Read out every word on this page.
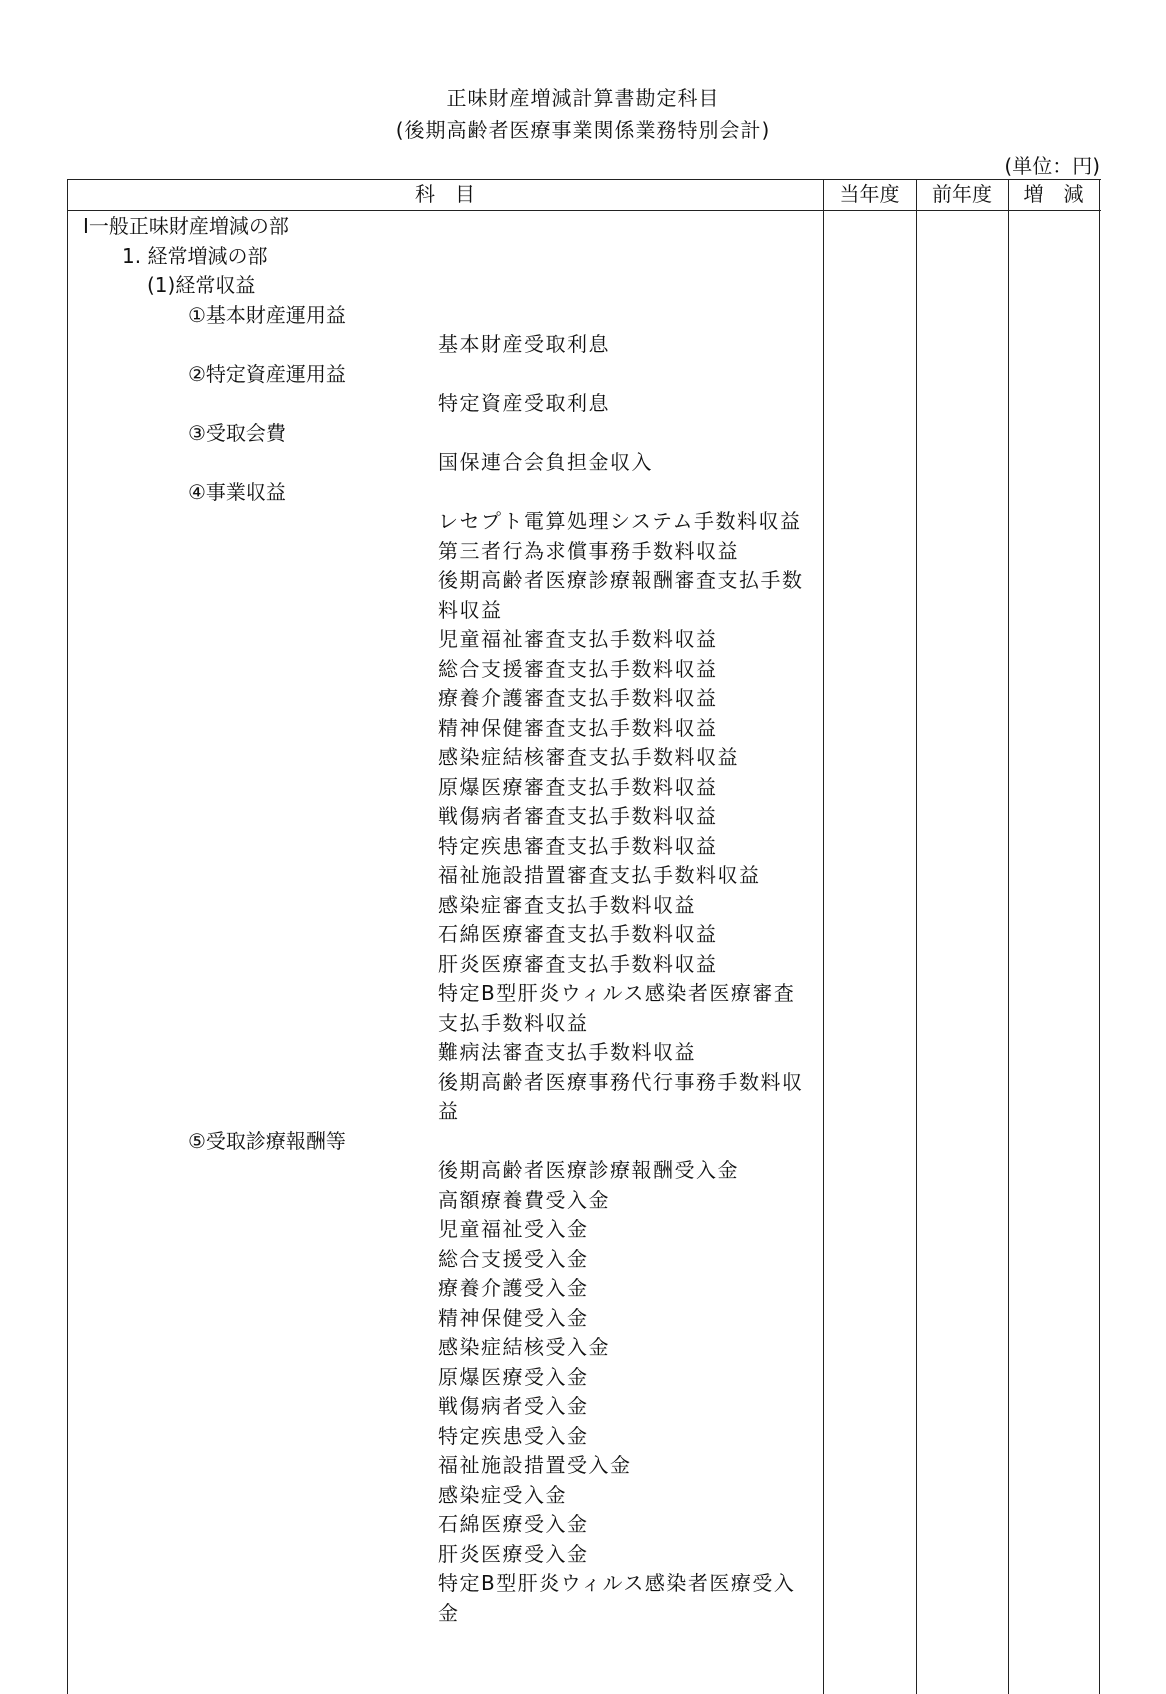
正味財産増減計算書勘定科目
(後期高齢者医療事業関係業務特別会計)
(単位：円)
科　目	当年度	前年度	増　減
Ⅰ一般正味財産増減の部
1. 経常増減の部
(1)経常収益
①基本財産運用益
基本財産受取利息
②特定資産運用益
特定資産受取利息
③受取会費
国保連合会負担金収入
④事業収益
レセプト電算処理システム手数料収益
第三者行為求償事務手数料収益
後期高齢者医療診療報酬審査支払手数
料収益
児童福祉審査支払手数料収益
総合支援審査支払手数料収益
療養介護審査支払手数料収益
精神保健審査支払手数料収益
感染症結核審査支払手数料収益
原爆医療審査支払手数料収益
戦傷病者審査支払手数料収益
特定疾患審査支払手数料収益
福祉施設措置審査支払手数料収益
感染症審査支払手数料収益
石綿医療審査支払手数料収益
肝炎医療審査支払手数料収益
特定B型肝炎ウィルス感染者医療審査
支払手数料収益
難病法審査支払手数料収益
後期高齢者医療事務代行事務手数料収
益
⑤受取診療報酬等
後期高齢者医療診療報酬受入金
高額療養費受入金
児童福祉受入金
総合支援受入金
療養介護受入金
精神保健受入金
感染症結核受入金
原爆医療受入金
戦傷病者受入金
特定疾患受入金
福祉施設措置受入金
感染症受入金
石綿医療受入金
肝炎医療受入金
特定B型肝炎ウィルス感染者医療受入
金
